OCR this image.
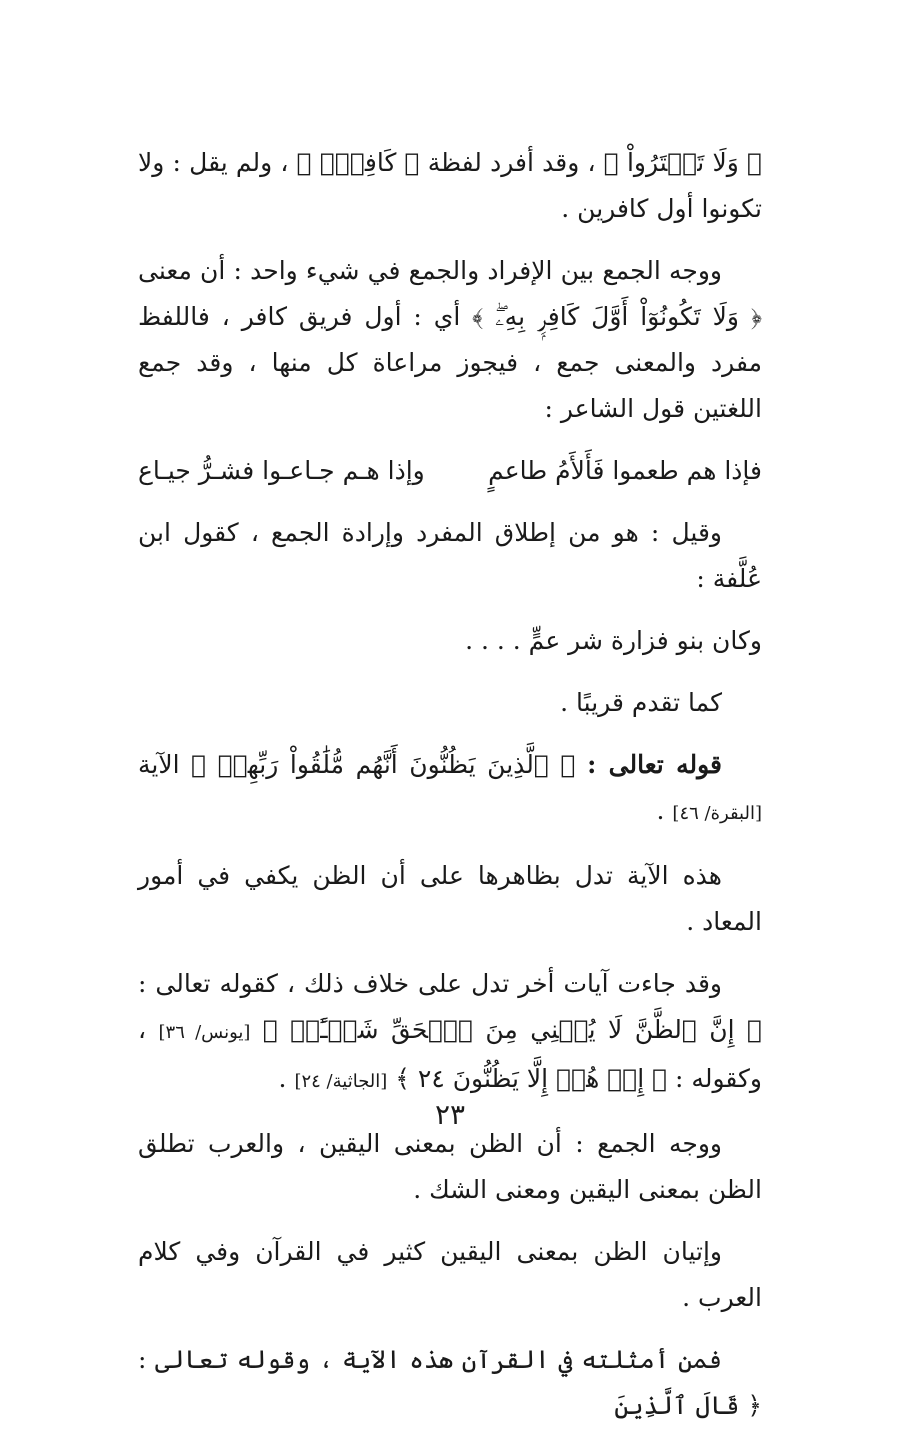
﴿ وَلَا تَشۡتَرُواْ ﴾ ، وقد أفرد لفظة ﴿ كَافِرِۭ ﴾ ، ولم يقل : ولا تكونوا أول كافرين .

ووجه الجمع بين الإفراد والجمع في شيء واحد : أن معنى ﴿ وَلَا تَكُونُوٓاْ أَوَّلَ كَافِرِۭ بِهِۦۖ ﴾ أي : أول فريق كافر ، فاللفظ مفرد والمعنى جمع ، فيجوز مراعاة كل منها ، وقد جمع اللغتين قول الشاعر :

فإذا هم طعموا فَأَلأَمُ طاعمٍ
وإذا هـم جـاعـوا فشـرُّ جيـاع

وقيل : هو من إطلاق المفرد وإرادة الجمع ، كقول ابن عُلَّفة :

وكان بنو فزارة شر عمٍّ . . . .

كما تقدم قريبًا .

قوله تعالى : ﴿ ٱلَّذِينَ يَظُنُّونَ أَنَّهُم مُّلَٰقُواْ رَبِّهِمۡ ﴾ الآية [البقرة/ ٤٦] .

هذه الآية تدل بظاهرها على أن الظن يكفي في أمور المعاد .

وقد جاءت آيات أخر تدل على خلاف ذلك ، كقوله تعالى : ﴿ إِنَّ ٱلظَّنَّ لَا يُغۡنِي مِنَ ٱلۡحَقِّ شَيۡـًٔاۚ ﴾ [يونس/ ٣٦] ، وكقوله : ﴿ إِنۡ هُمۡ إِلَّا يَظُنُّونَ ٢٤ ﴾ [الجاثية/ ٢٤] .

ووجه الجمع : أن الظن بمعنى اليقين ، والعرب تطلق الظن بمعنى اليقين ومعنى الشك .

وإتيان الظن بمعنى اليقين كثير في القرآن وفي كلام العرب .

فمن أمثلته في القرآن هذه الآية ، وقوله تعالى : ﴿ قَالَ ٱلَّذِينَ

٢٣
